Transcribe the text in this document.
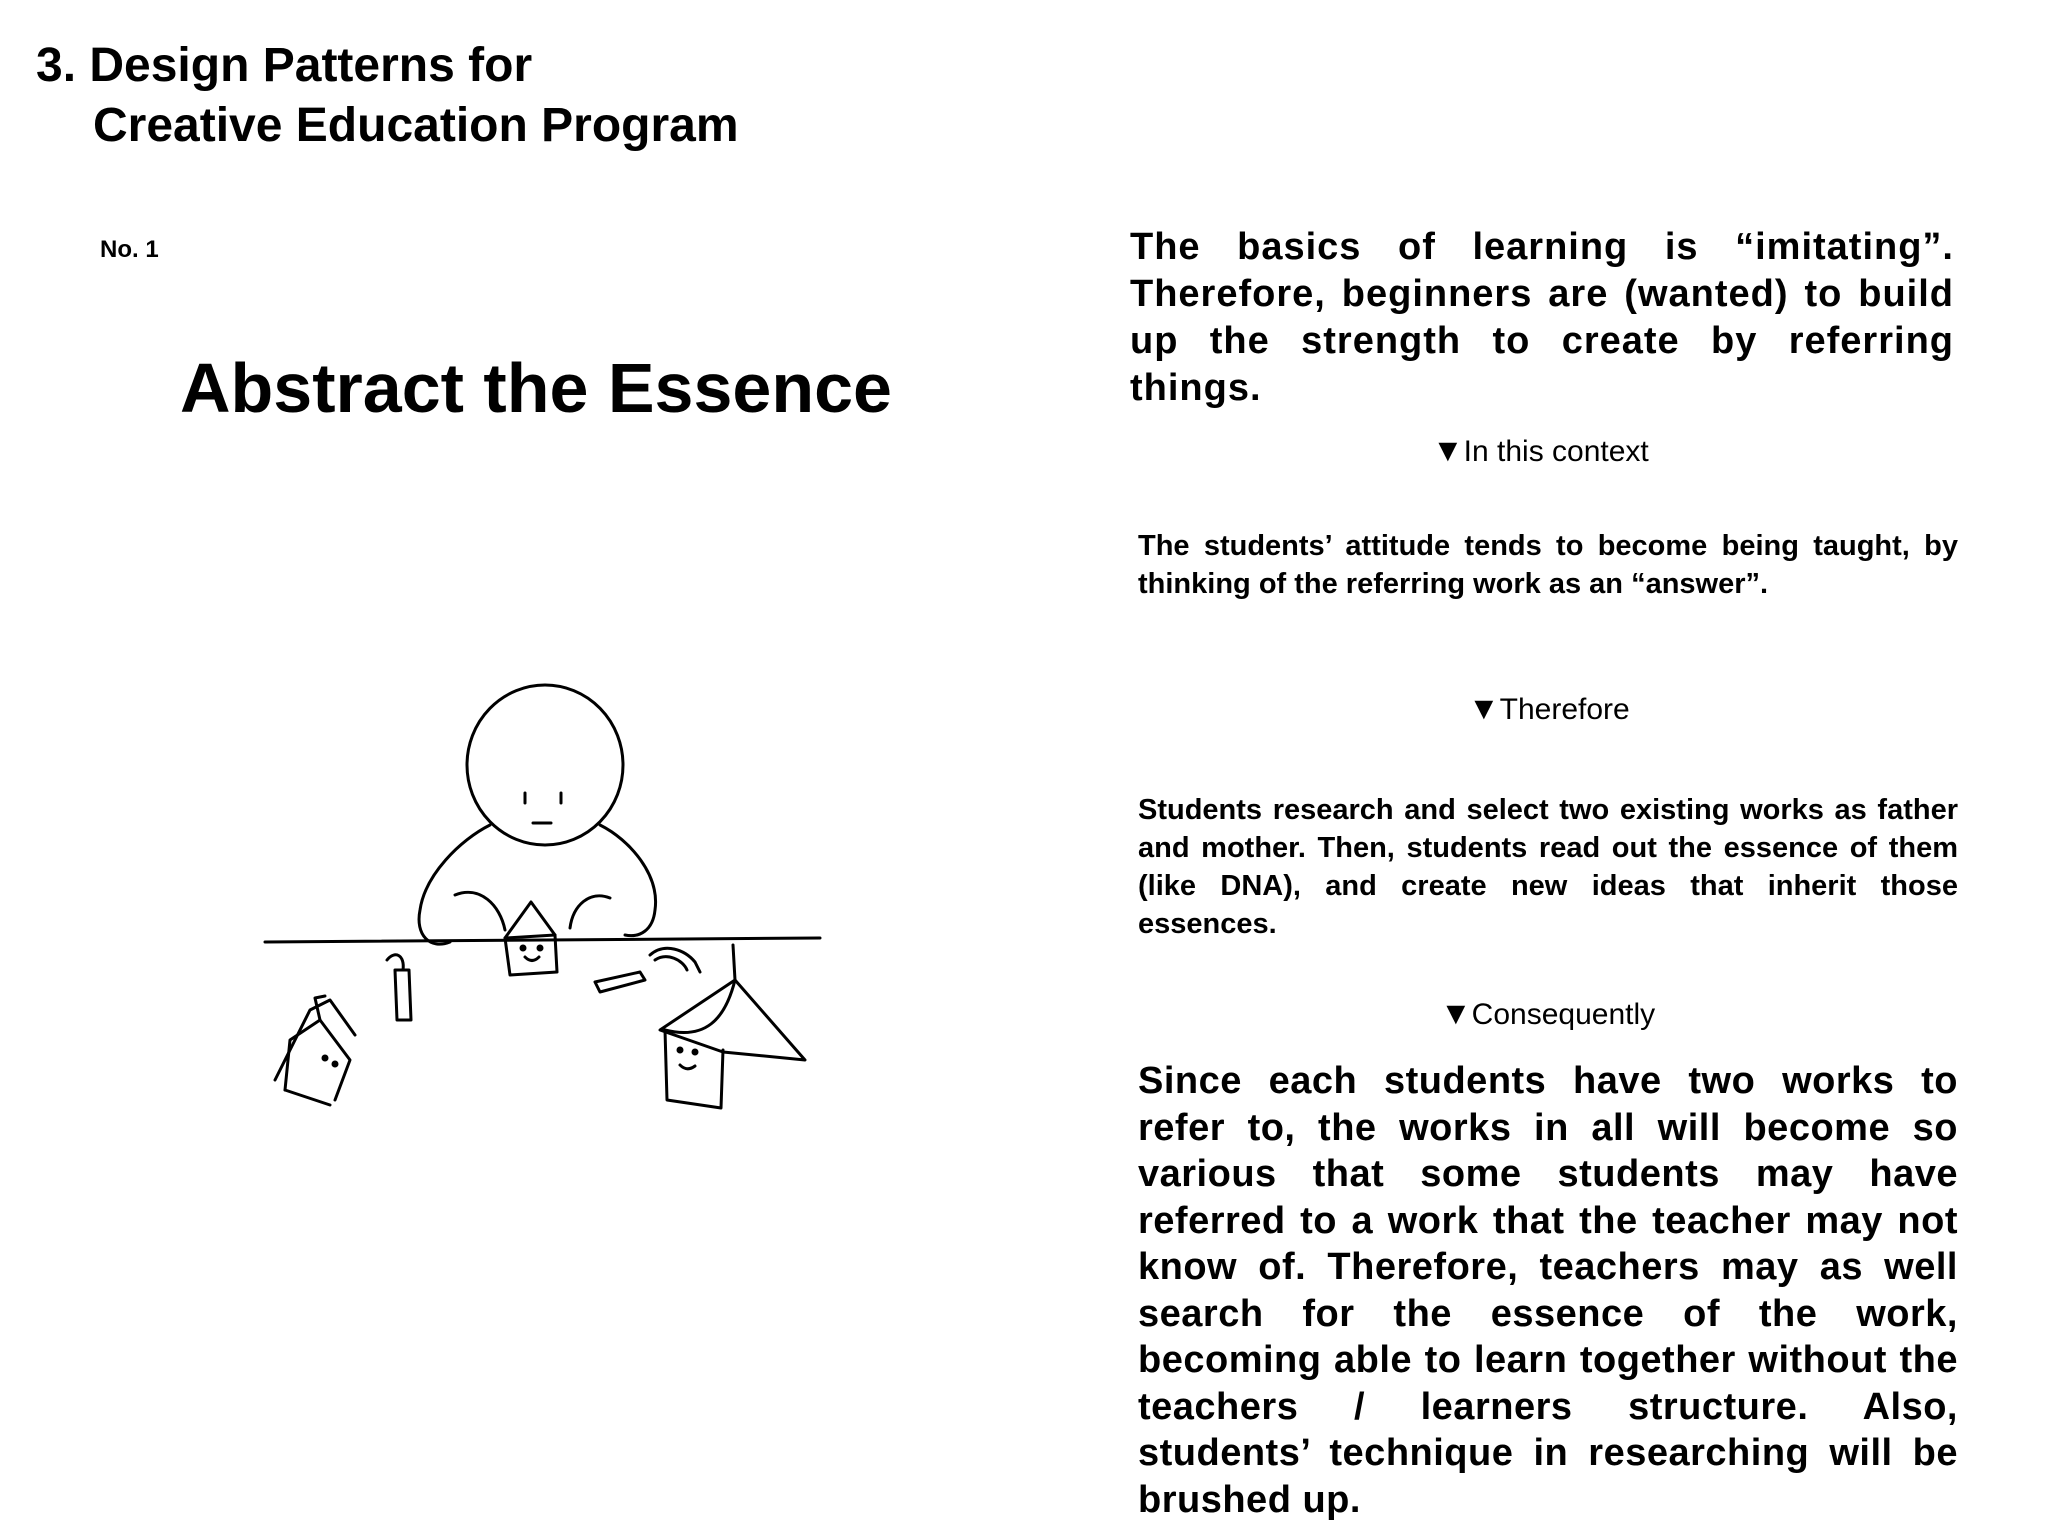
3. Design Patterns for
Creative Education Program
No. 1
Abstract the Essence
The basics of learning is “imitating”. Therefore, beginners are (wanted) to build up the strength to create by referring things.
▼In this context
The students’ attitude tends to become being taught, by thinking of the referring work as an “answer”.
▼Therefore
Students research and select two existing works as father and mother. Then, students read out the essence of them (like DNA), and create new ideas that inherit those essences.
▼Consequently
Since each students have two works to refer to, the works in all will become so various that some students may have referred to a work that the teacher may not know of. Therefore, teachers may as well search for the essence of the work, becoming able to learn together without the teachers / learners structure. Also, students’ technique in researching will be brushed up.
